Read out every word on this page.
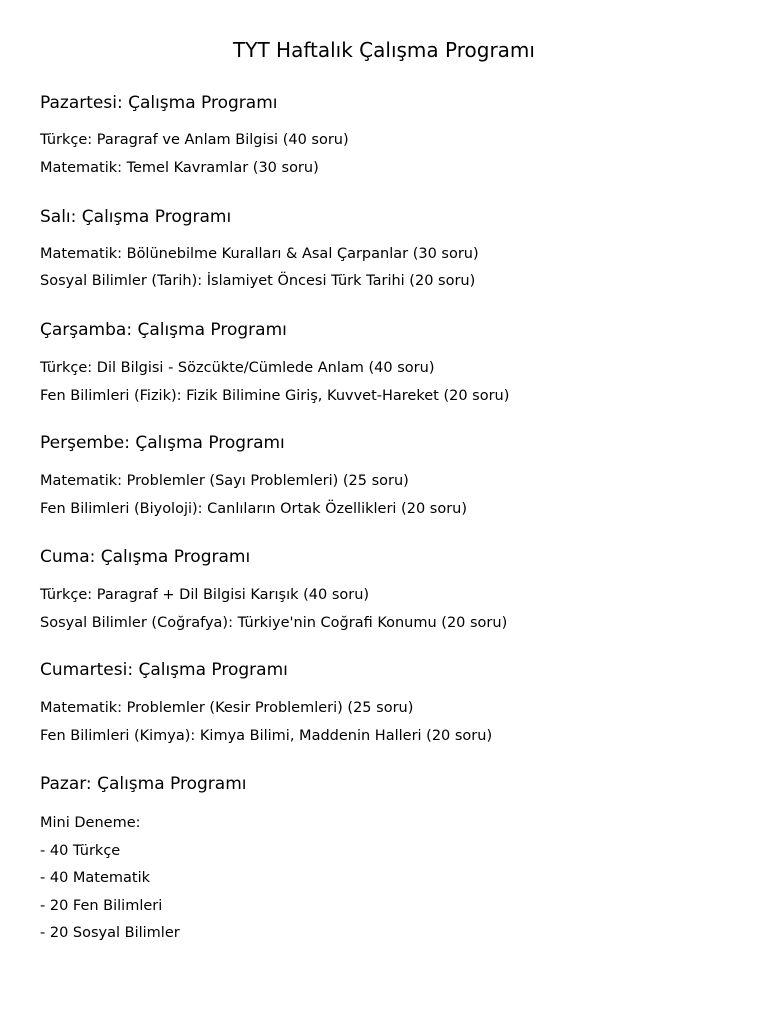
TYT Haftalık Çalışma Programı
Pazartesi: Çalışma Programı

Türkçe: Paragraf ve Anlam Bilgisi (40 soru)

Matematik: Temel Kavramlar (30 soru)

Salı: Çalışma Programı

Matematik: Bölünebilme Kuralları & Asal Çarpanlar (30 soru)

Sosyal Bilimler (Tarih): İslamiyet Öncesi Türk Tarihi (20 soru)

Çarşamba: Çalışma Programı

Türkçe: Dil Bilgisi - Sözcükte/Cümlede Anlam (40 soru)

Fen Bilimleri (Fizik): Fizik Bilimine Giriş, Kuvvet-Hareket (20 soru)

Perşembe: Çalışma Programı

Matematik: Problemler (Sayı Problemleri) (25 soru)

Fen Bilimleri (Biyoloji): Canlıların Ortak Özellikleri (20 soru)

Cuma: Çalışma Programı

Türkçe: Paragraf + Dil Bilgisi Karışık (40 soru)

Sosyal Bilimler (Coğrafya): Türkiye'nin Coğrafi Konumu (20 soru)

Cumartesi: Çalışma Programı

Matematik: Problemler (Kesir Problemleri) (25 soru)

Fen Bilimleri (Kimya): Kimya Bilimi, Maddenin Halleri (20 soru)

Pazar: Çalışma Programı

Mini Deneme:

- 40 Türkçe

- 40 Matematik

- 20 Fen Bilimleri

- 20 Sosyal Bilimler
